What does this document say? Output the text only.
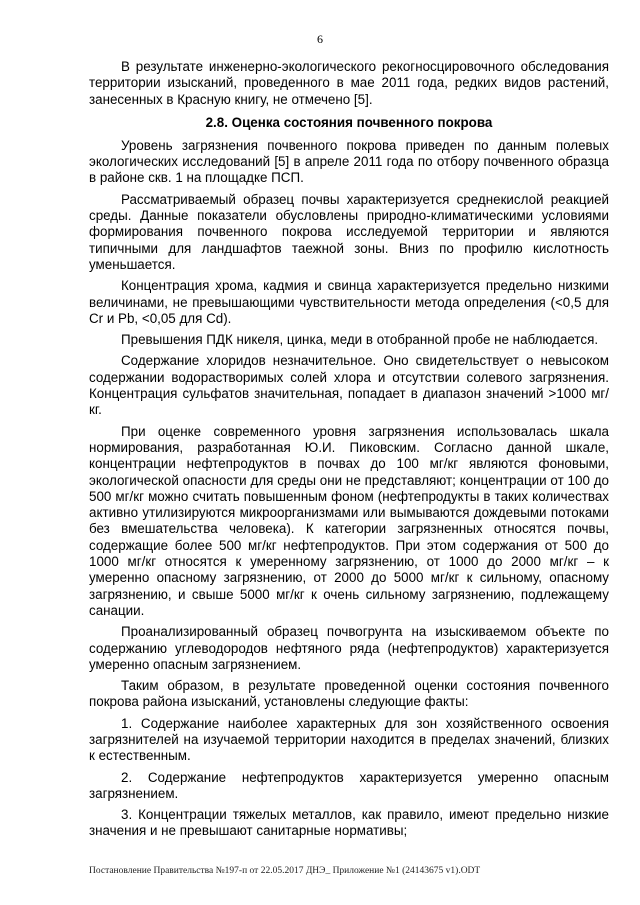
6

В результате инженерно-экологического рекогносцировочного обследования территории изысканий, проведенного в мае 2011 года, редких видов растений, занесенных в Красную книгу, не отмечено [5].

2.8. Оценка состояния почвенного покрова

Уровень загрязнения почвенного покрова приведен по данным полевых экологических исследований [5] в апреле 2011 года по отбору почвенного образца в районе скв. 1 на площадке ПСП.

Рассматриваемый образец почвы характеризуется среднекислой реакцией среды. Данные показатели обусловлены природно-климатическими условиями формирования почвенного покрова исследуемой территории и являются типичными для ландшафтов таежной зоны. Вниз по профилю кислотность уменьшается.

Концентрация хрома, кадмия и свинца характеризуется предельно низкими величинами, не превышающими чувствительности метода определения (<0,5 для Cr и Pb, <0,05 для Cd).

Превышения ПДК никеля, цинка, меди в отобранной пробе не наблюдается.

Содержание хлоридов незначительное. Оно свидетельствует о невысоком содержании водорастворимых солей хлора и отсутствии солевого загрязнения. Концентрация сульфатов значительная, попадает в диапазон значений >1000 мг/кг.

При оценке современного уровня загрязнения использовалась шкала нормирования, разработанная Ю.И. Пиковским. Согласно данной шкале, концентрации нефтепродуктов в почвах до 100 мг/кг являются фоновыми, экологической опасности для среды они не представляют; концентрации от 100 до 500 мг/кг можно считать повышенным фоном (нефтепродукты в таких количествах активно утилизируются микроорганизмами или вымываются дождевыми потоками без вмешательства человека). К категории загрязненных относятся почвы, содержащие более 500 мг/кг нефтепродуктов. При этом содержания от 500 до 1000 мг/кг относятся к умеренному загрязнению, от 1000 до 2000 мг/кг – к умеренно опасному загрязнению, от 2000 до 5000 мг/кг к сильному, опасному загрязнению, и свыше 5000 мг/кг к очень сильному загрязнению, подлежащему санации.

Проанализированный образец почвогрунта на изыскиваемом объекте по содержанию углеводородов нефтяного ряда (нефтепродуктов) характеризуется умеренно опасным загрязнением.

Таким образом, в результате проведенной оценки состояния почвенного покрова района изысканий, установлены следующие факты:

1. Содержание наиболее характерных для зон хозяйственного освоения загрязнителей на изучаемой территории находится в пределах значений, близких к естественным.

2. Содержание нефтепродуктов характеризуется умеренно опасным загрязнением.

3. Концентрации тяжелых металлов, как правило, имеют предельно низкие значения и не превышают санитарные нормативы;

Постановление Правительства №197-п от 22.05.2017 ДНЭ_ Приложение №1 (24143675 v1).ODT
